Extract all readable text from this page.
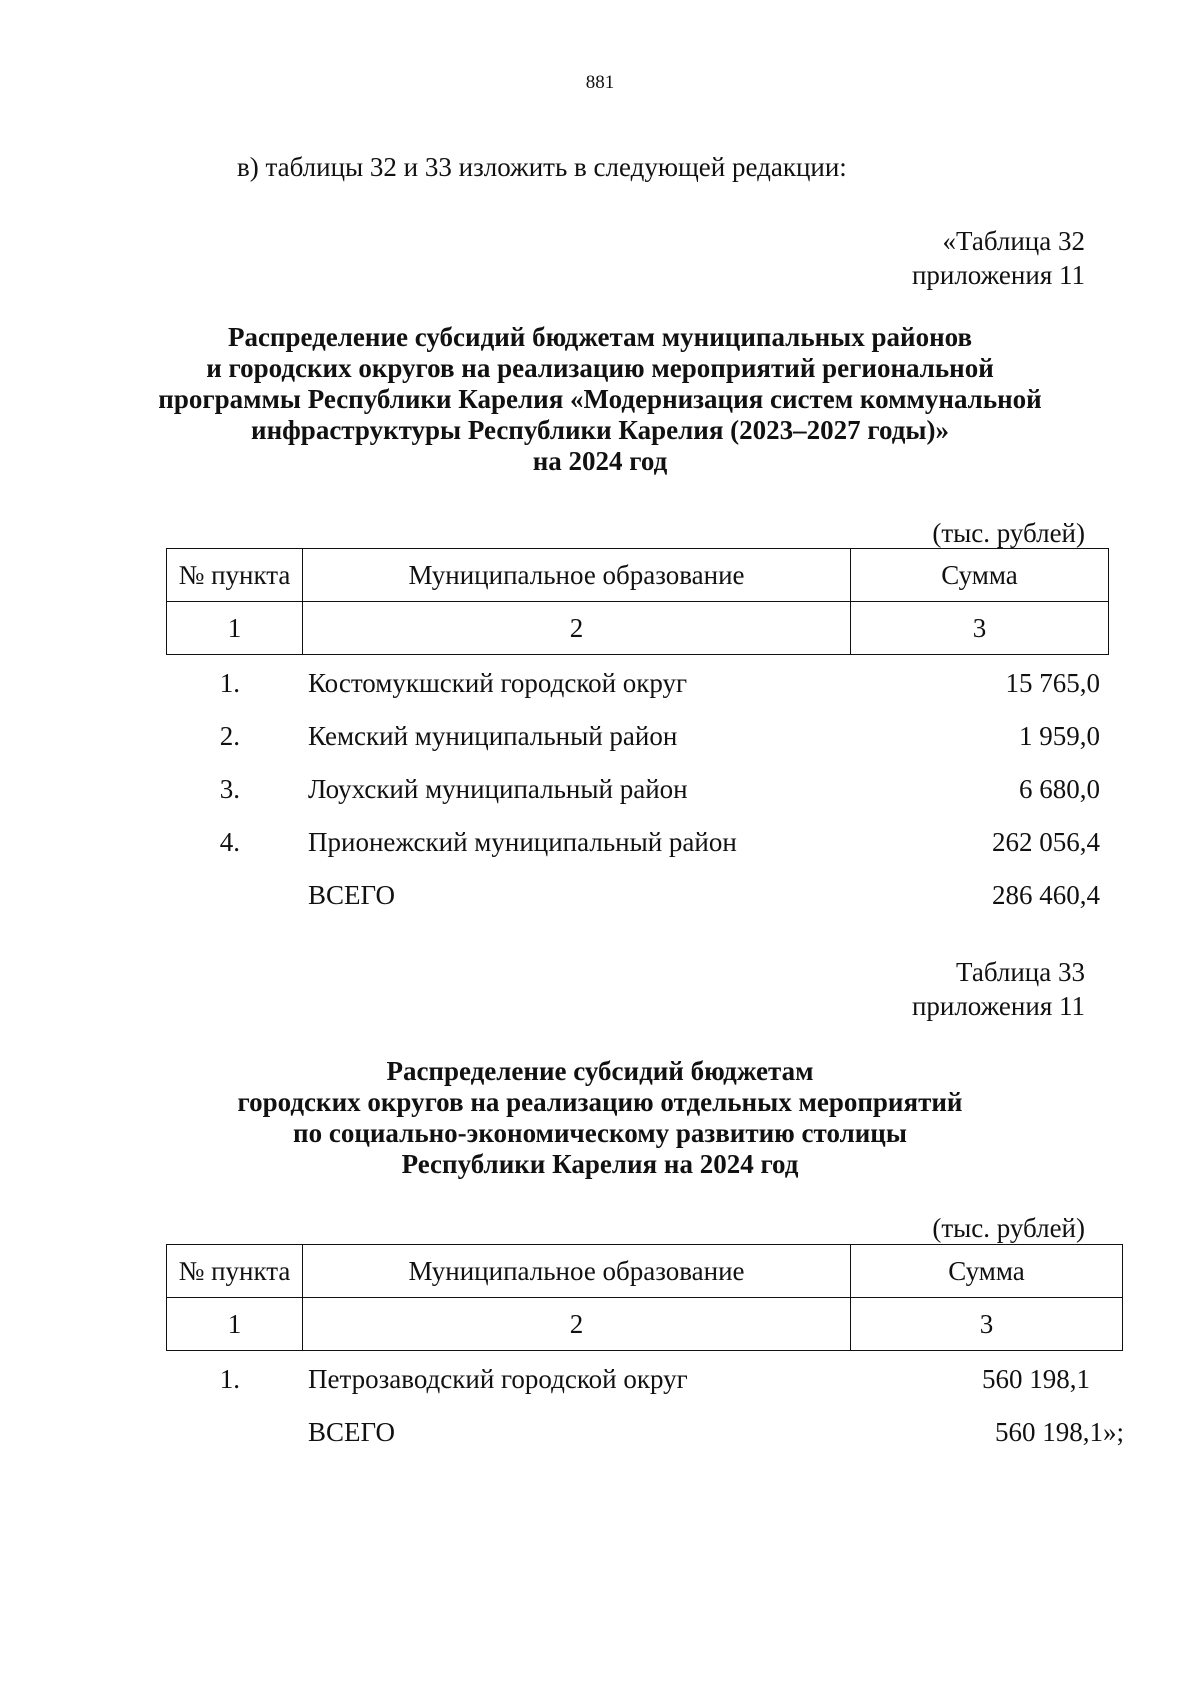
881
в) таблицы 32 и 33 изложить в следующей редакции:
«Таблица 32
приложения 11
Распределение субсидий бюджетам муниципальных районов
и городских округов на реализацию мероприятий региональной
программы Республики Карелия «Модернизация систем коммунальной
инфраструктуры Республики Карелия (2023–2027 годы)»
на 2024 год
(тыс. рублей)
№ пункта	Муниципальное образование	Сумма
1	2	3
1.	Костомукшский городской округ	15 765,0
2.	Кемский муниципальный район	1 959,0
3.	Лоухский муниципальный район	6 680,0
4.	Прионежский муниципальный район	262 056,4
ВСЕГО	286 460,4
Таблица 33
приложения 11
Распределение субсидий бюджетам
городских округов на реализацию отдельных мероприятий
по социально-экономическому развитию столицы
Республики Карелия на 2024 год
(тыс. рублей)
№ пункта	Муниципальное образование	Сумма
1	2	3
1.	Петрозаводский городской округ	560 198,1
ВСЕГО	560 198,1»;
